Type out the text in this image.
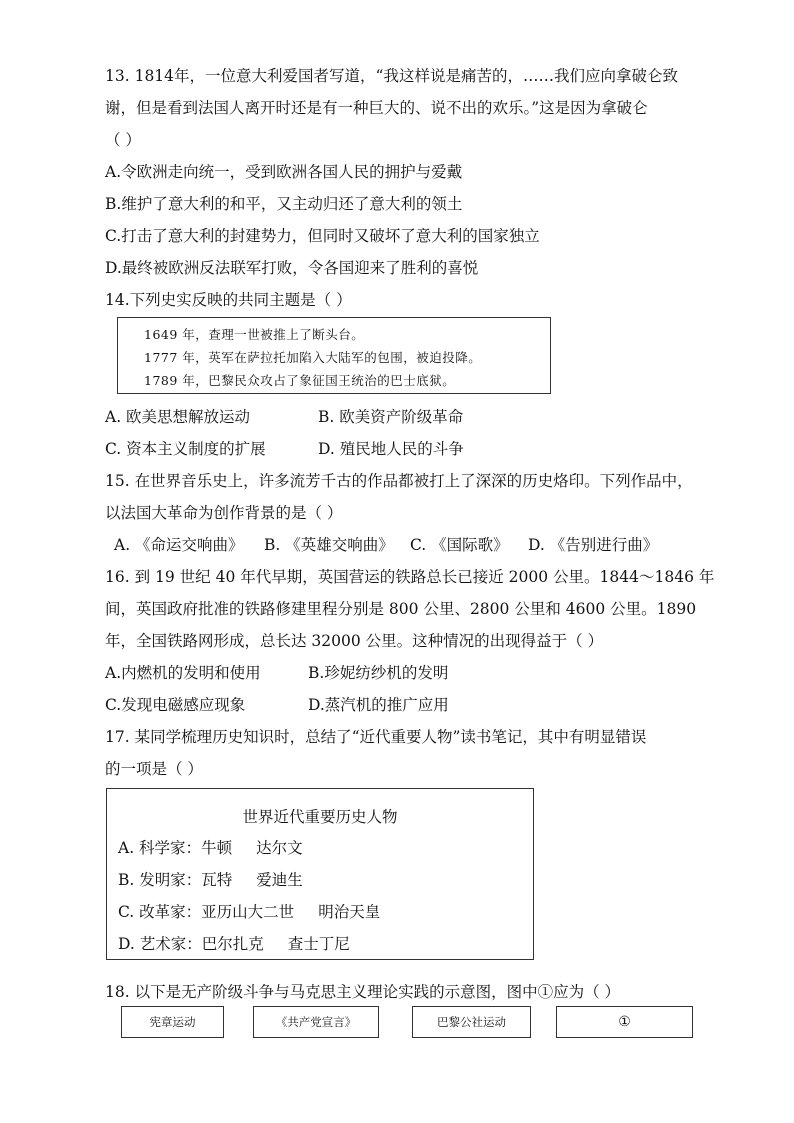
13. 1814年，一位意大利爱国者写道，“我这样说是痛苦的，……我们应向拿破仑致
谢，但是看到法国人离开时还是有一种巨大的、说不出的欢乐。”这是因为拿破仑
（ ）
A.令欧洲走向统一，受到欧洲各国人民的拥护与爱戴
B.维护了意大利的和平，又主动归还了意大利的领土
C.打击了意大利的封建势力，但同时又破坏了意大利的国家独立
D.最终被欧洲反法联军打败，令各国迎来了胜利的喜悦
14.下列史实反映的共同主题是（ ）
1649 年，查理一世被推上了断头台。
1777 年，英军在萨拉托加陷入大陆军的包围，被迫投降。
1789 年，巴黎民众攻占了象征国王统治的巴士底狱。
A. 欧美思想解放运动	B. 欧美资产阶级革命
C. 资本主义制度的扩展	D. 殖民地人民的斗争
15. 在世界音乐史上，许多流芳千古的作品都被打上了深深的历史烙印。下列作品中，
以法国大革命为创作背景的是（ ）
A. 《命运交响曲》 B. 《英雄交响曲》 C. 《国际歌》 D. 《告别进行曲》
16. 到 19 世纪 40 年代早期，英国营运的铁路总长已接近 2000 公里。1844～1846 年
间，英国政府批准的铁路修建里程分别是 800 公里、2800 公里和 4600 公里。1890
年，全国铁路网形成，总长达 32000 公里。这种情况的出现得益于（ ）
A.内燃机的发明和使用	B.珍妮纺纱机的发明
C.发现电磁感应现象	D.蒸汽机的推广应用
17. 某同学梳理历史知识时，总结了“近代重要人物”读书笔记，其中有明显错误
的一项是（ ）
世界近代重要历史人物
A. 科学家：牛顿 达尔文
B. 发明家：瓦特 爱迪生
C. 改革家：亚历山大二世 明治天皇
D. 艺术家：巴尔扎克 查士丁尼
18. 以下是无产阶级斗争与马克思主义理论实践的示意图，图中①应为（ ）
宪章运动	《共产党宣言》	巴黎公社运动	①
